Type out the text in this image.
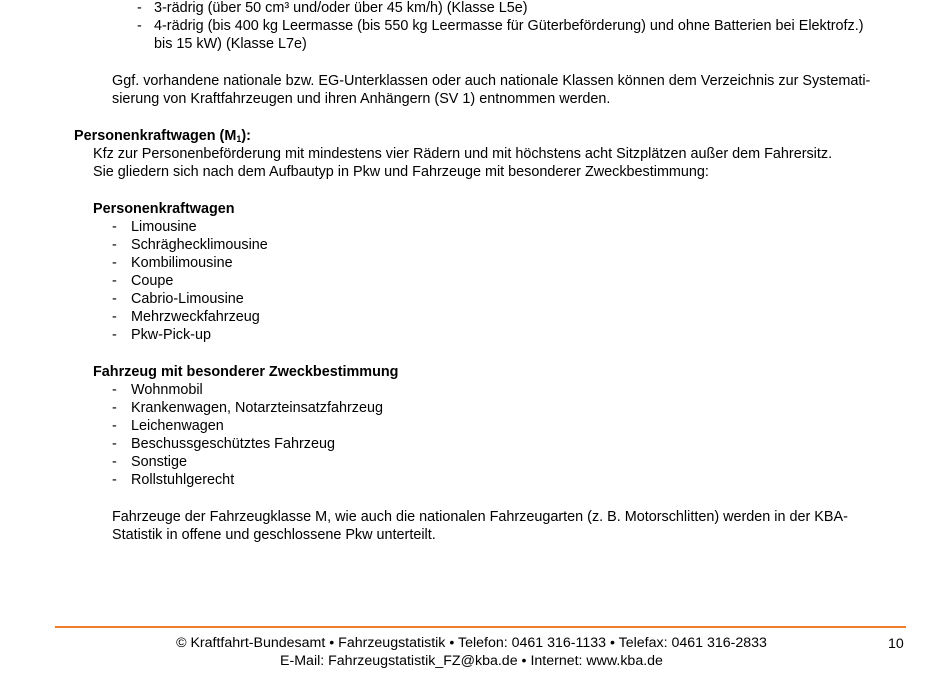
- 3-rädrig (über 50 cm³ und/oder über 45 km/h) (Klasse L5e)
- 4-rädrig (bis 400 kg Leermasse (bis 550 kg Leermasse für Güterbeförderung) und ohne Batterien bei Elektrofz.)
bis 15 kW) (Klasse L7e)
Ggf. vorhandene nationale bzw. EG-Unterklassen oder auch nationale Klassen können dem Verzeichnis zur Systemati-
sierung von Kraftfahrzeugen und ihren Anhängern (SV 1) entnommen werden.
Personenkraftwagen $(M_1)$:
Kfz zur Personenbeförderung mit mindestens vier Rädern und mit höchstens acht Sitzplätzen außer dem Fahrersitz.
Sie gliedern sich nach dem Aufbautyp in Pkw und Fahrzeuge mit besonderer Zweckbestimmung:
Personenkraftwagen
- Limousine
- Schräghecklimousine
- Kombilimousine
- Coupe
- Cabrio-Limousine
- Mehrzweckfahrzeug
- Pkw-Pick-up
Fahrzeug mit besonderer Zweckbestimmung
- Wohnmobil
- Krankenwagen, Notarzteinsatzfahrzeug
- Leichenwagen
- Beschussgeschütztes Fahrzeug
- Sonstige
- Rollstuhlgerecht
Fahrzeuge der Fahrzeugklasse M, wie auch die nationalen Fahrzeugarten (z. B. Motorschlitten) werden in der KBA-
Statistik in offene und geschlossene Pkw unterteilt.
© Kraftfahrt-Bundesamt • Fahrzeugstatistik • Telefon: 0461 316-1133 • Telefax: 0461 316-2833
E-Mail: Fahrzeugstatistik_FZ@kba.de • Internet: www.kba.de
10
